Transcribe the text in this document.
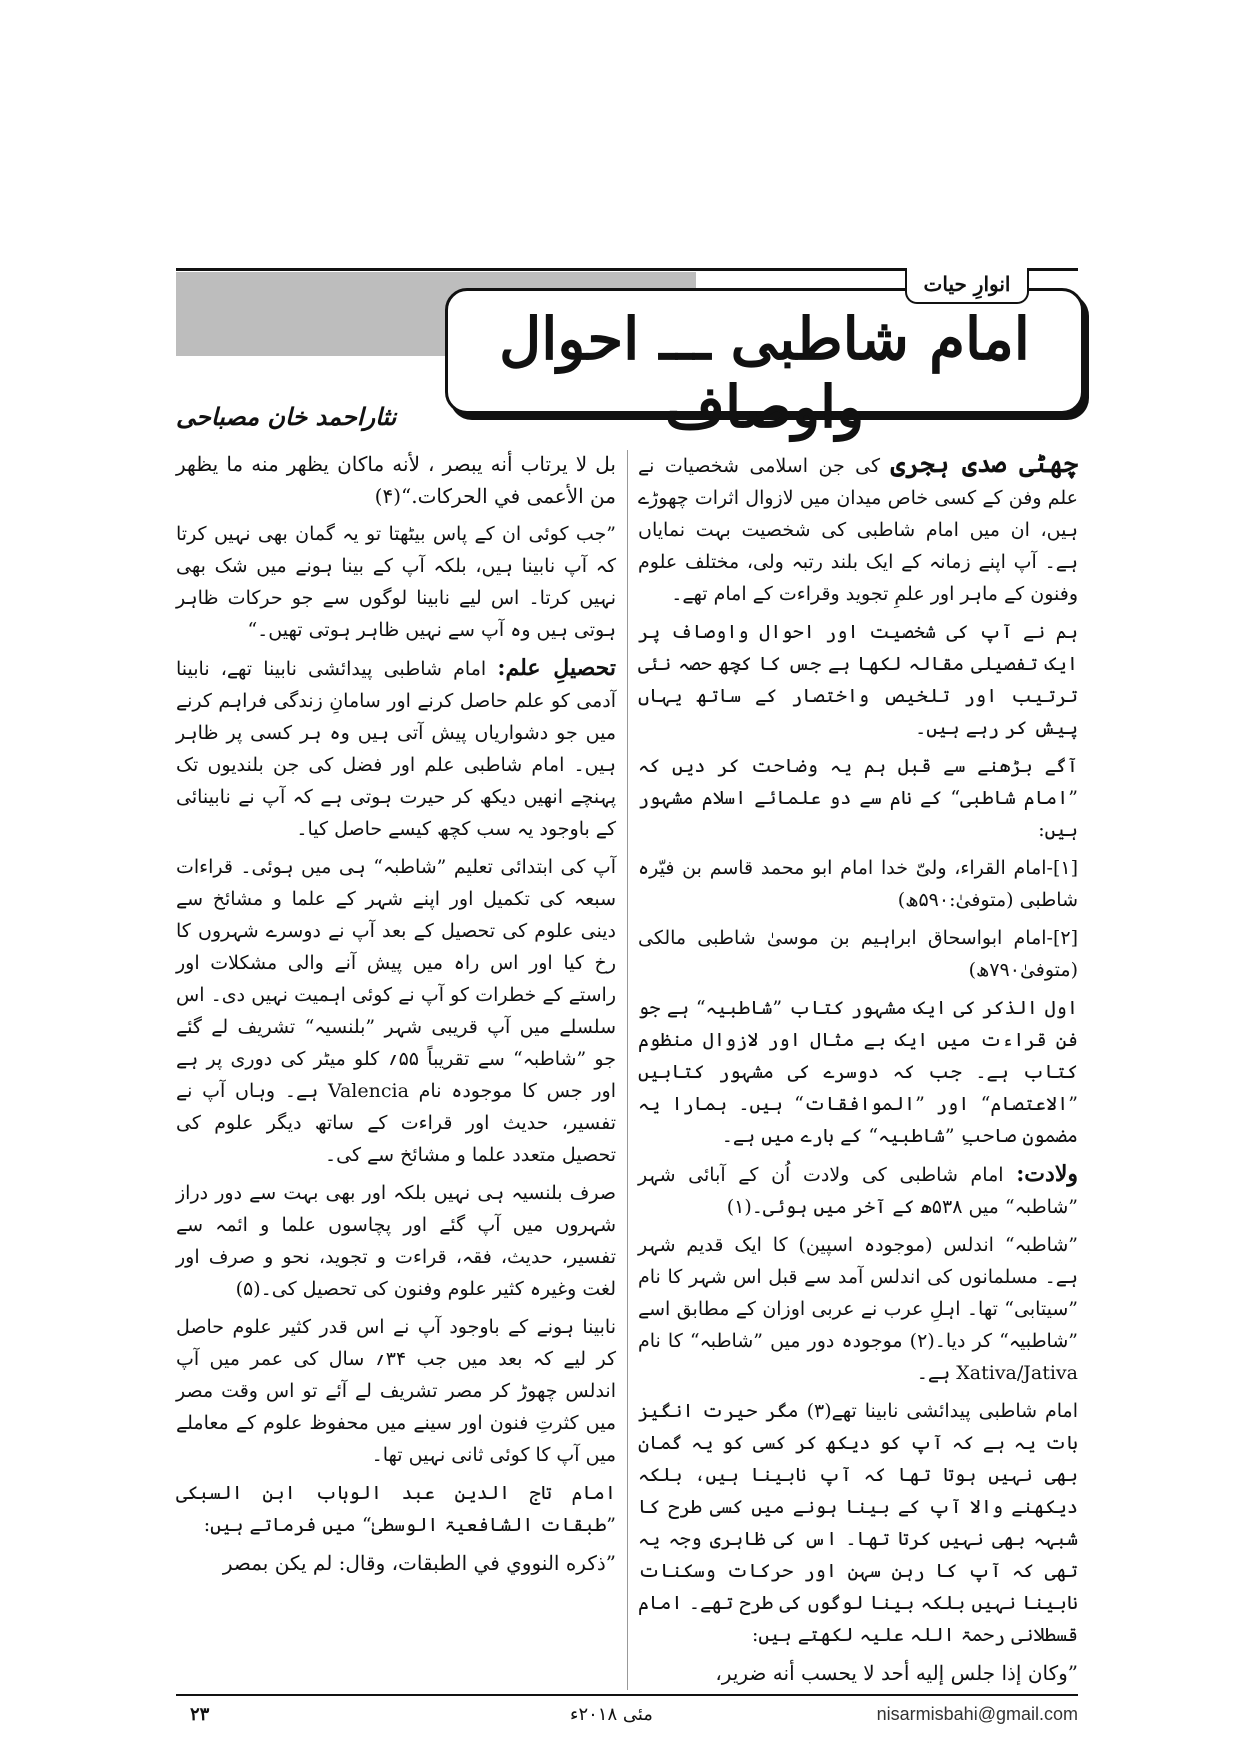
امام شاطبی ـــ احوال واوصاف
انوارِ حیات
نثاراحمد خان مصباحی

چھٹی صدی ہجری کی جن اسلامی شخصیات نے علم وفن کے کسی خاص میدان میں لازوال اثرات چھوڑے ہیں، ان میں امام شاطبی کی شخصیت بہت نمایاں ہے۔ آپ اپنے زمانہ کے ایک بلند رتبہ ولی، مختلف علوم وفنون کے ماہر اور علمِ تجوید وقراءت کے امام تھے۔

ہم نے آپ کی شخصیت اور احوال واوصاف پر ایک تفصیلی مقالہ لکھا ہے جس کا کچھ حصہ نئی ترتیب اور تلخیص واختصار کے ساتھ یہاں پیش کر رہے ہیں۔

آگے بڑھنے سے قبل ہم یہ وضاحت کر دیں کہ ”امام شاطبی“ کے نام سے دو علمائے اسلام مشہور ہیں:

[۱]-امام القراء، ولیّ خدا امام ابو محمد قاسم بن فیّرہ شاطبی (متوفیٰ:۵۹۰ھ)

[۲]-امام ابواسحاق ابراہیم بن موسیٰ شاطبی مالکی (متوفیٰ۷۹۰ھ)

اول الذکر کی ایک مشہور کتاب ”شاطبیہ“ ہے جو فنِ قراءت میں ایک بے مثال اور لازوال منظوم کتاب ہے۔ جب کہ دوسرے کی مشہور کتابیں ”الاعتصام“ اور ”الموافقات“ ہیں۔ ہمارا یہ مضمون صاحبِ ”شاطبیہ“ کے بارے میں ہے۔

ولادت: امام شاطبی کی ولادت اُن کے آبائی شہر ”شاطبہ“ میں ۵۳۸ھ کے آخر میں ہوئی۔(۱)

”شاطبہ“ اندلس (موجودہ اسپین) کا ایک قدیم شہر ہے۔ مسلمانوں کی اندلس آمد سے قبل اس شہر کا نام ”سیتابی“ تھا۔ اہلِ عرب نے عربی اوزان کے مطابق اسے ”شاطبیہ“ کر دیا۔(۲) موجودہ دور میں ”شاطبہ“ کا نام Xativa/Jativa ہے۔

امام شاطبی پیدائشی نابینا تھے(۳) مگر حیرت انگیز بات یہ ہے کہ آپ کو دیکھ کر کسی کو یہ گمان بھی نہیں ہوتا تھا کہ آپ نابینا ہیں، بلکہ دیکھنے والا آپ کے بینا ہونے میں کسی طرح کا شبہہ بھی نہیں کرتا تھا۔ اس کی ظاہری وجہ یہ تھی کہ آپ کا رہن سہن اور حرکات وسکنات نابینا نہیں بلکہ بینا لوگوں کی طرح تھے۔ امام قسطلانی رحمۃ اللہ علیہ لکھتے ہیں:

”وكان إذا جلس إليه أحد لا يحسب أنه ضرير،

بل لا يرتاب أنه يبصر ، لأنه ماكان يظهر منه ما يظهر من الأعمى في الحركات.“(۴)

”جب کوئی ان کے پاس بیٹھتا تو یہ گمان بھی نہیں کرتا کہ آپ نابینا ہیں، بلکہ آپ کے بینا ہونے میں شک بھی نہیں کرتا۔ اس لیے نابینا لوگوں سے جو حرکات ظاہر ہوتی ہیں وہ آپ سے نہیں ظاہر ہوتی تھیں۔“

تحصیلِ علم: امام شاطبی پیدائشی نابینا تھے، نابینا آدمی کو علم حاصل کرنے اور سامانِ زندگی فراہم کرنے میں جو دشواریاں پیش آتی ہیں وہ ہر کسی پر ظاہر ہیں۔ امام شاطبی علم اور فضل کی جن بلندیوں تک پہنچے انھیں دیکھ کر حیرت ہوتی ہے کہ آپ نے نابینائی کے باوجود یہ سب کچھ کیسے حاصل کیا۔

آپ کی ابتدائی تعلیم ”شاطبہ“ ہی میں ہوئی۔ قراءات سبعہ کی تکمیل اور اپنے شہر کے علما و مشائخ سے دینی علوم کی تحصیل کے بعد آپ نے دوسرے شہروں کا رخ کیا اور اس راہ میں پیش آنے والی مشکلات اور راستے کے خطرات کو آپ نے کوئی اہمیت نہیں دی۔ اس سلسلے میں آپ قریبی شہر ”بلنسیہ“ تشریف لے گئے جو ”شاطبہ“ سے تقریباً ۵۵؍ کلو میٹر کی دوری پر ہے اور جس کا موجودہ نام Valencia ہے۔ وہاں آپ نے تفسیر، حدیث اور قراءت کے ساتھ دیگر علوم کی تحصیل متعدد علما و مشائخ سے کی۔

صرف بلنسیہ ہی نہیں بلکہ اور بھی بہت سے دور دراز شہروں میں آپ گئے اور پچاسوں علما و ائمہ سے تفسیر، حدیث، فقہ، قراءت و تجوید، نحو و صرف اور لغت وغیرہ کثیر علوم وفنون کی تحصیل کی۔(۵)

نابینا ہونے کے باوجود آپ نے اس قدر کثیر علوم حاصل کر لیے کہ بعد میں جب ۳۴؍ سال کی عمر میں آپ اندلس چھوڑ کر مصر تشریف لے آئے تو اس وقت مصر میں کثرتِ فنون اور سینے میں محفوظ علوم کے معاملے میں آپ کا کوئی ثانی نہیں تھا۔

امام تاج الدین عبد الوہاب ابن السبکی ”طبقات الشافعیۃ الوسطیٰ“ میں فرماتے ہیں:

”ذكره النووي في الطبقات، وقال: لم يكن بمصر

nisarmisbahi@gmail.com
مئی ۲۰۱۸ء
۲۳
